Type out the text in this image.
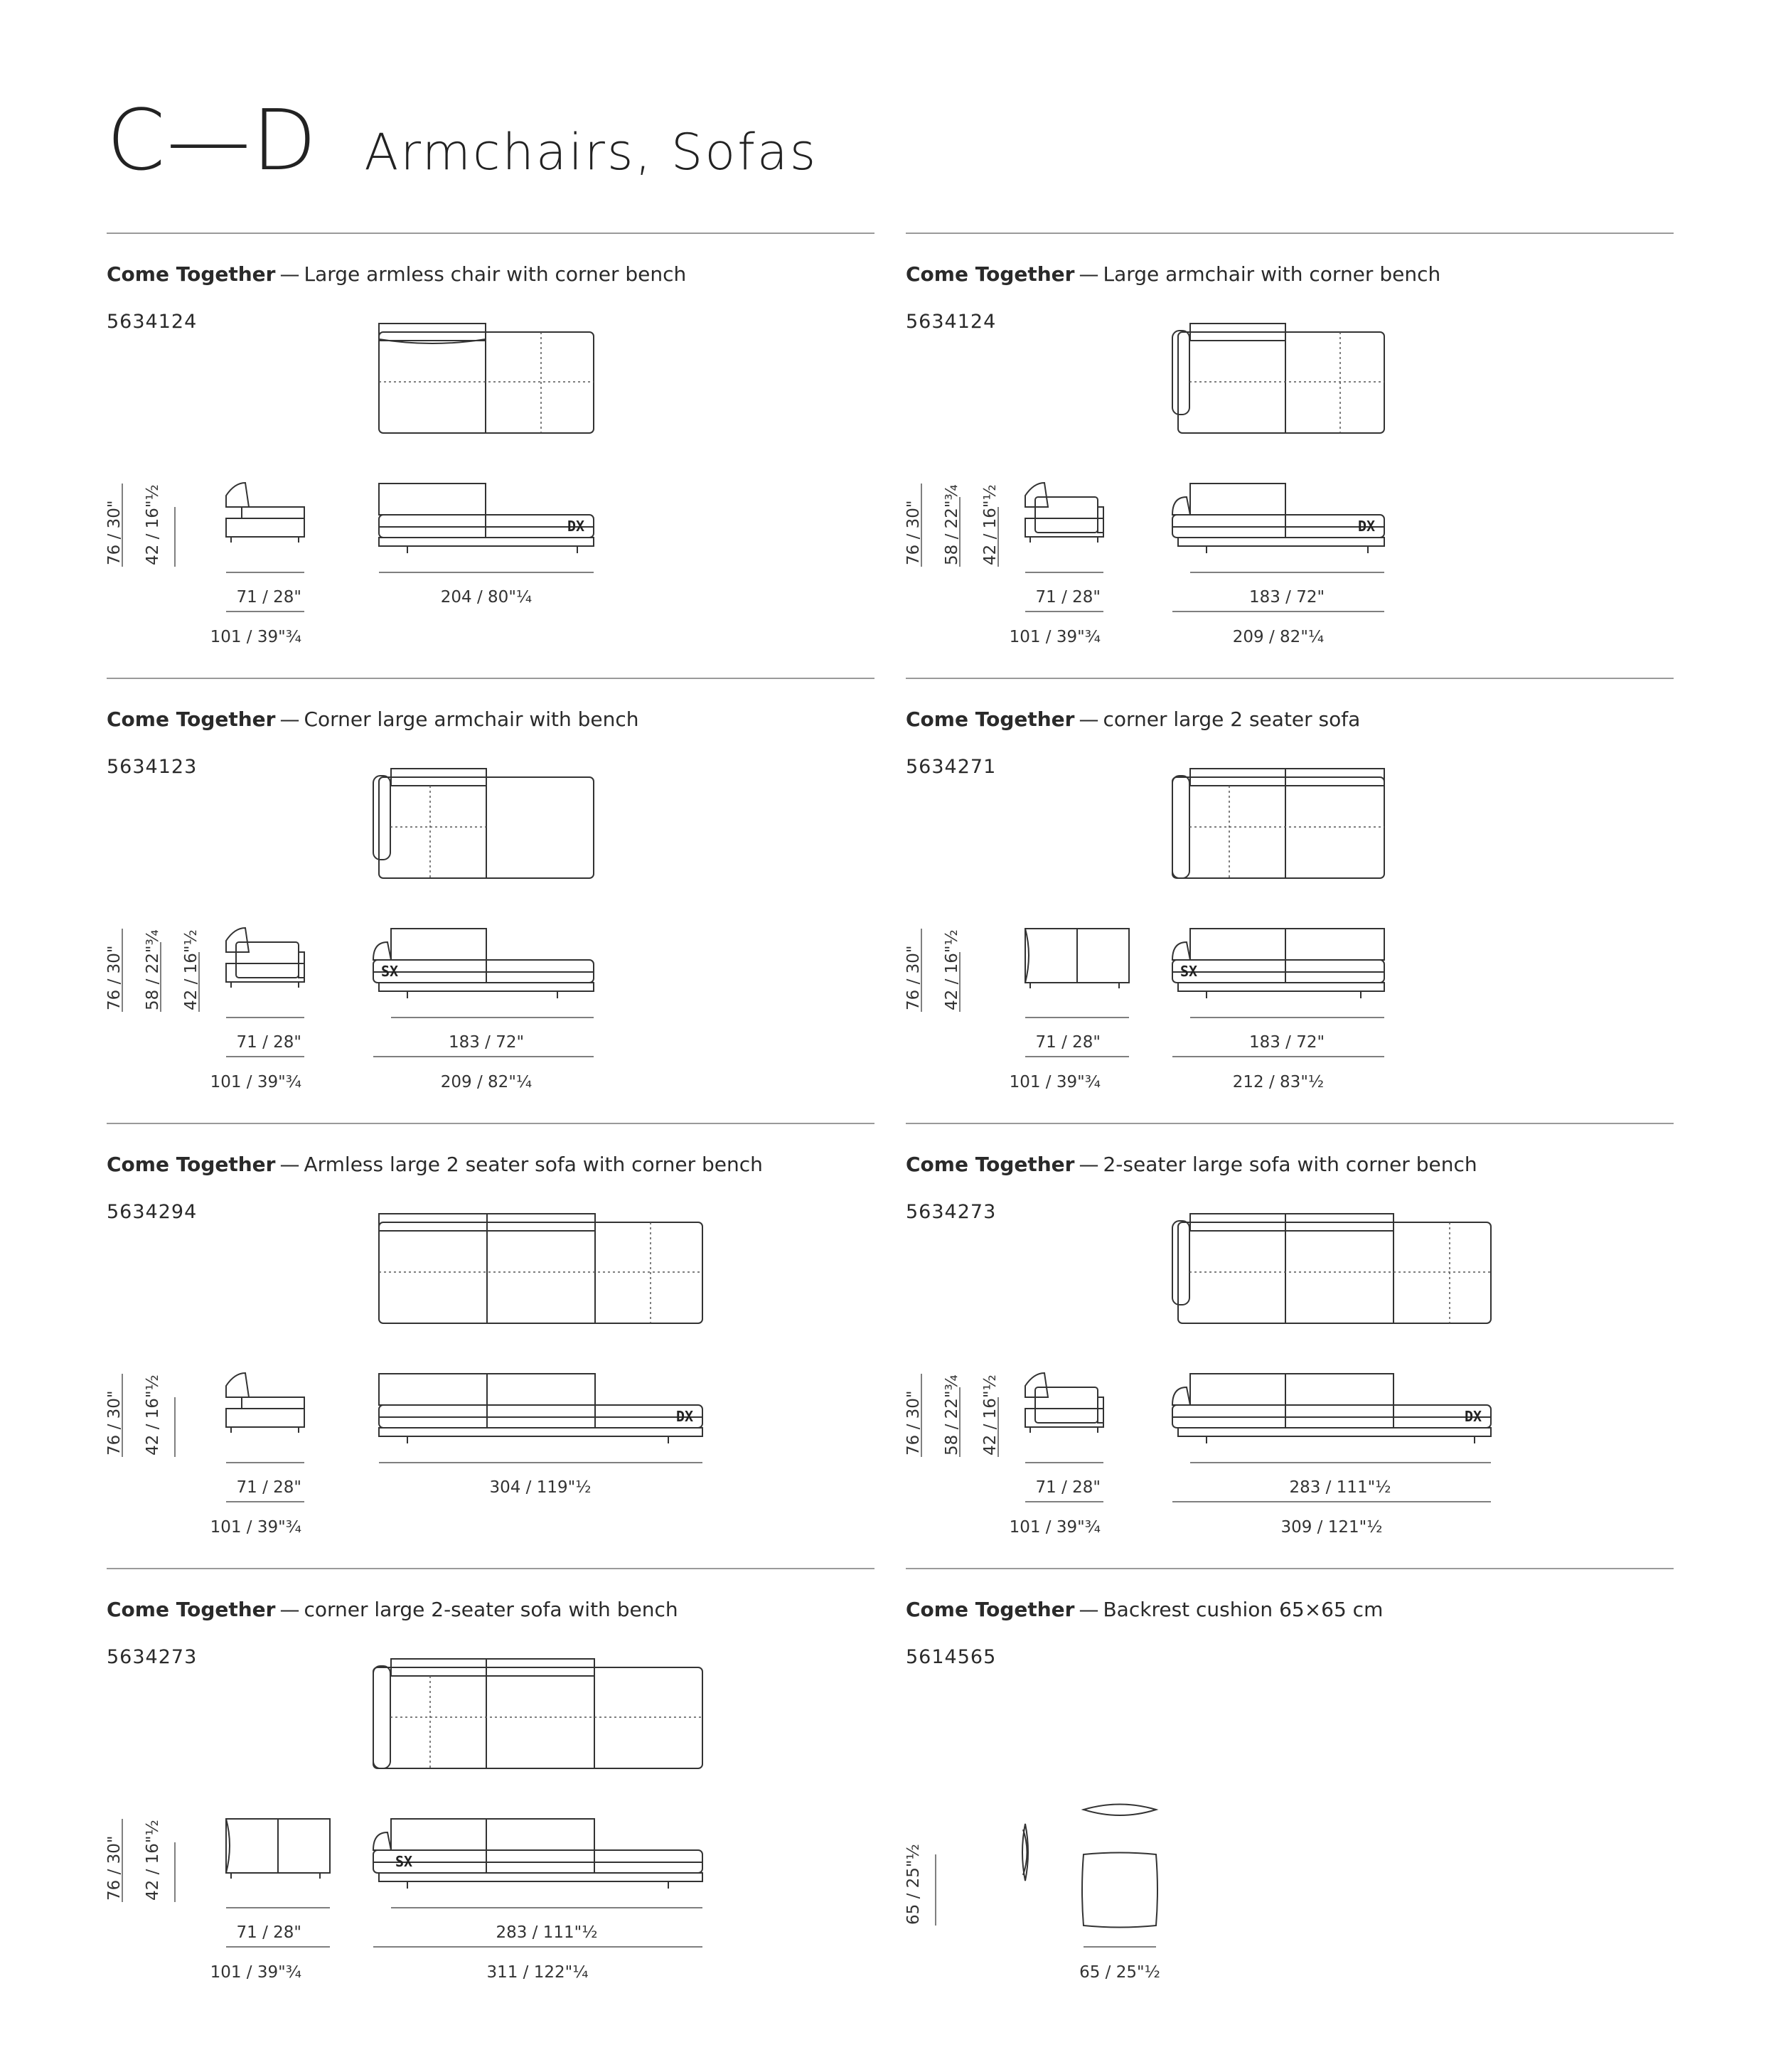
C—D Armchairs, Sofas
Come Together — Large armless chair with corner bench
5634124
DX
76 / 30" 42 / 16"½
71 / 28"
101 / 39"¾
204 / 80"¼
Come Together — Large armchair with corner bench
5634124
DX
76 / 30" 58 / 22"¾ 42 / 16"½
71 / 28"
101 / 39"¾
183 / 72"
209 / 82"¼
Come Together — Corner large armchair with bench
5634123
SX
76 / 30" 58 / 22"¾ 42 / 16"½
71 / 28"
101 / 39"¾
183 / 72"
209 / 82"¼
Come Together — corner large 2 seater sofa
5634271
SX
76 / 30" 42 / 16"½
71 / 28"
101 / 39"¾
183 / 72"
212 / 83"½
Come Together — Armless large 2 seater sofa with corner bench
5634294
DX
76 / 30" 42 / 16"½
71 / 28"
101 / 39"¾
304 / 119"½
Come Together — 2-seater large sofa with corner bench
5634273
DX
76 / 30" 58 / 22"¾ 42 / 16"½
71 / 28"
101 / 39"¾
283 / 111"½
309 / 121"½
Come Together — corner large 2-seater sofa with bench
5634273
SX
76 / 30" 42 / 16"½
71 / 28"
101 / 39"¾
283 / 111"½
311 / 122"¼
Come Together — Backrest cushion 65×65 cm
5614565
65 / 25"½
65 / 25"½
